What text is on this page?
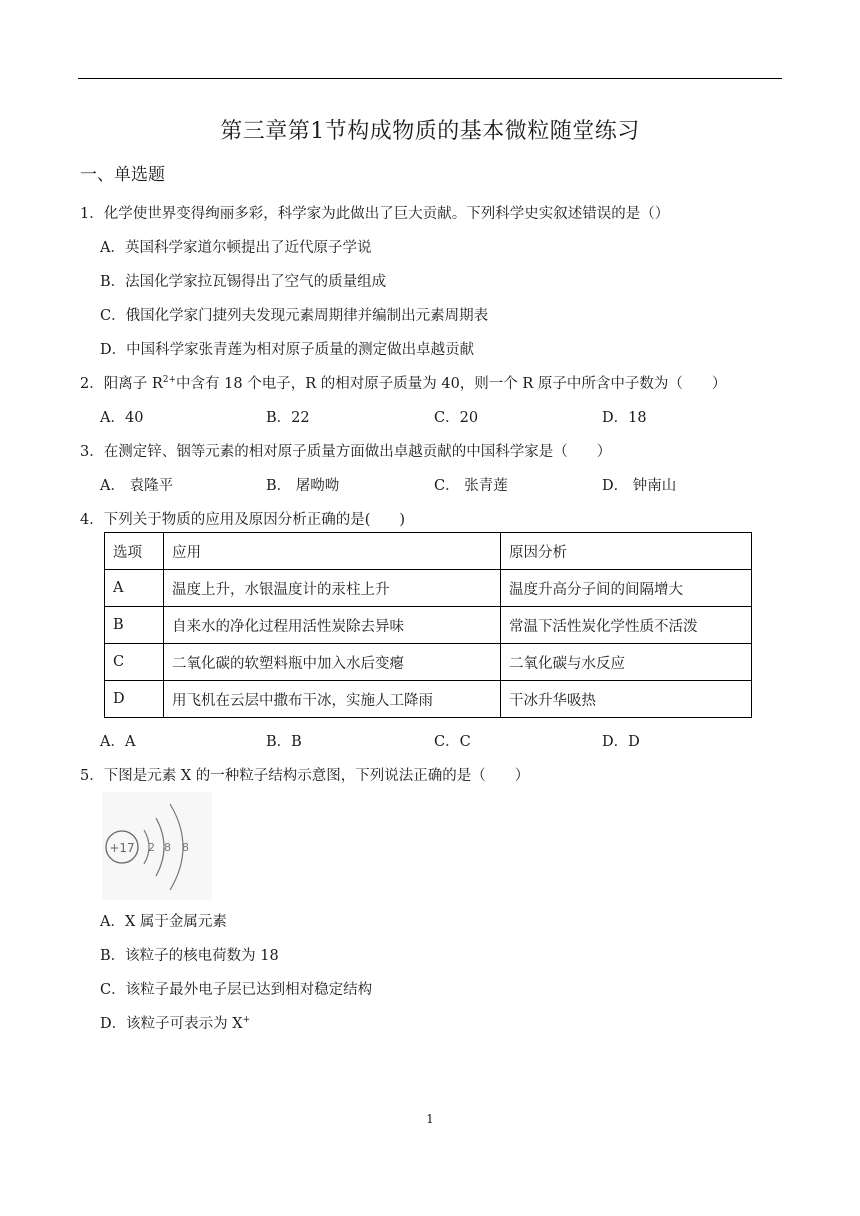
第三章第1节构成物质的基本微粒随堂练习
一、单选题
1．化学使世界变得绚丽多彩，科学家为此做出了巨大贡献。下列科学史实叙述错误的是（）
A．英国科学家道尔顿提出了近代原子学说
B．法国化学家拉瓦锡得出了空气的质量组成
C．俄国化学家门捷列夫发现元素周期律并编制出元素周期表
D．中国科学家张青莲为相对原子质量的测定做出卓越贡献
2．阳离子 $R^{2+}$中含有 18 个电子，R 的相对原子质量为 40，则一个 R 原子中所含中子数为（　　）
A．40	B．22	C．20	D．18
3．在测定锌、铟等元素的相对原子质量方面做出卓越贡献的中国科学家是（　　）
A． 袁隆平	B． 屠呦呦	C． 张青莲	D． 钟南山
4．下列关于物质的应用及原因分析正确的是(　　)
选项	应用	原因分析
A	温度上升，水银温度计的汞柱上升	温度升高分子间的间隔增大
B	自来水的净化过程用活性炭除去异味	常温下活性炭化学性质不活泼
C	二氧化碳的软塑料瓶中加入水后变瘪	二氧化碳与水反应
D	用飞机在云层中撒布干冰，实施人工降雨	干冰升华吸热
A．A	B．B	C．C	D．D
5．下图是元素 X 的一种粒子结构示意图，下列说法正确的是（　　）
+17 2 8 8
A．X 属于金属元素
B．该粒子的核电荷数为 18
C．该粒子最外电子层已达到相对稳定结构
D．该粒子可表示为 X+
1
